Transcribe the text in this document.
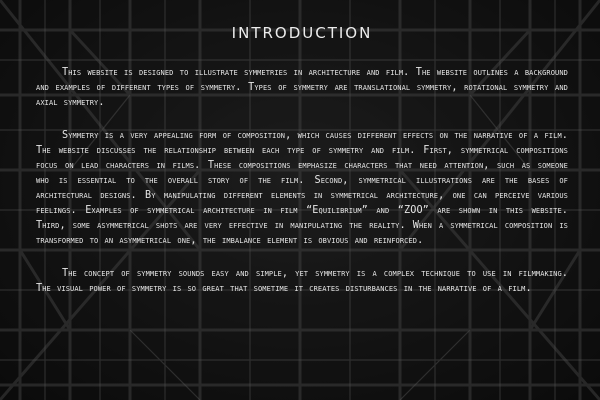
INTRODUCTION

This website is designed to illustrate symmetries in architecture and film. The website outlines a background and examples of different types of symmetry. Types of symmetry are translational symmetry, rotational symmetry and axial symmetry.

Symmetry is a very appealing form of composition, which causes different effects on the narrative of a film. The website discusses the relationship between each type of symmetry and film. First, symmetrical compositions focus on lead characters in films. These compositions emphasize characters that need attention, such as someone who is essential to the overall story of the film. Second, symmetrical illustrations are the bases of architectural designs. By manipulating different elements in symmetrical architecture, one can perceive various feelings. Examples of symmetrical architecture in film “Equilibrium” and “ZOO” are shown in this website. Third, some asymmetrical shots are very effective in manipulating the reality. When a symmetrical composition is transformed to an asymmetrical one, the imbalance element is obvious and reinforced.

The concept of symmetry sounds easy and simple, yet symmetry is a complex technique to use in filmmaking. The visual power of symmetry is so great that sometime it creates disturbances in the narrative of a film.
